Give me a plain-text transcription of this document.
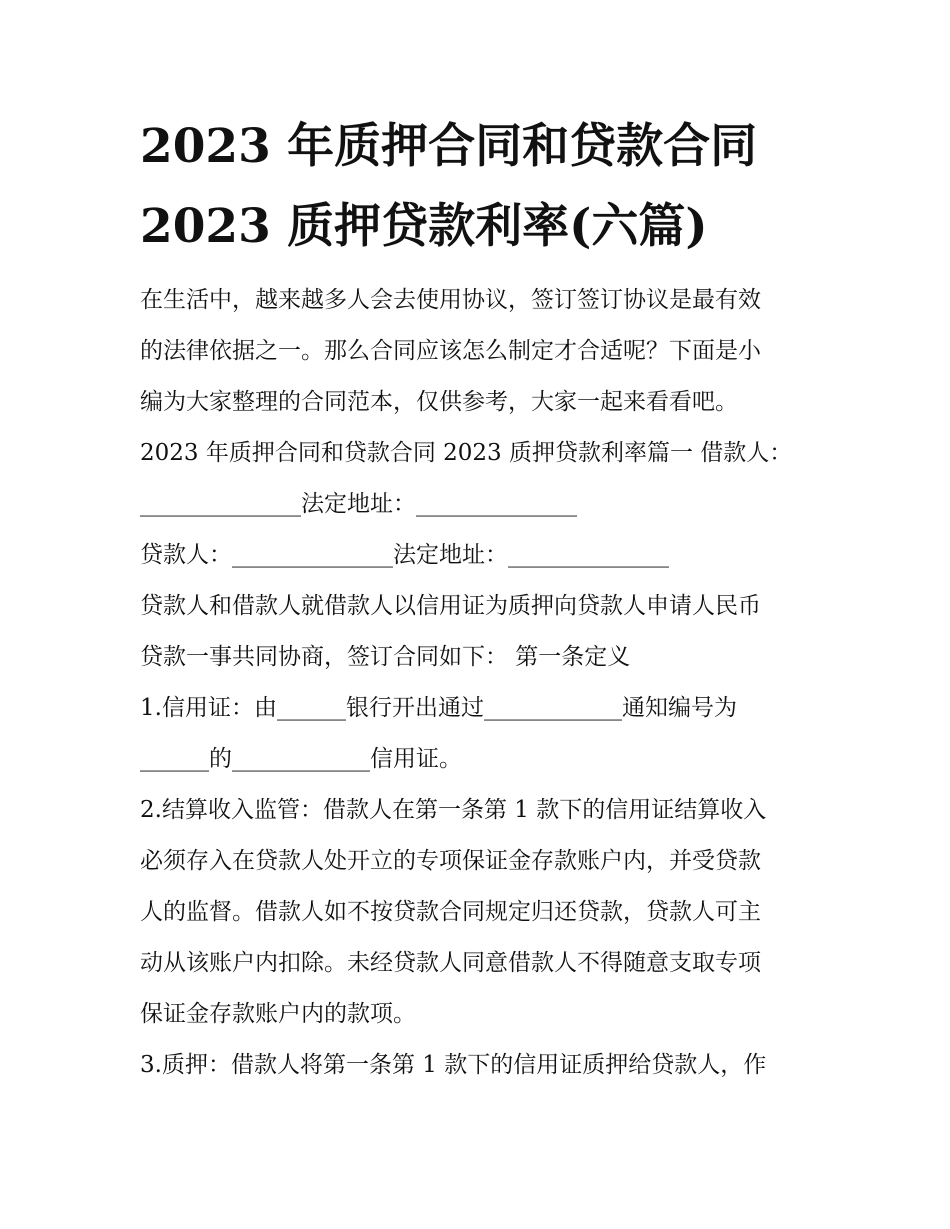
2023 年质押合同和贷款合同
2023 质押贷款利率(六篇)
在生活中，越来越多人会去使用协议，签订签订协议是最有效
的法律依据之一。那么合同应该怎么制定才合适呢？下面是小
编为大家整理的合同范本，仅供参考，大家一起来看看吧。
2023 年质押合同和贷款合同 2023 质押贷款利率篇一 借款人：
______________法定地址：______________
贷款人：______________法定地址：______________
贷款人和借款人就借款人以信用证为质押向贷款人申请人民币
贷款一事共同协商，签订合同如下： 第一条定义
1.信用证：由______银行开出通过____________通知编号为
______的____________信用证。
2.结算收入监管：借款人在第一条第 1 款下的信用证结算收入
必须存入在贷款人处开立的专项保证金存款账户内，并受贷款
人的监督。借款人如不按贷款合同规定归还贷款，贷款人可主
动从该账户内扣除。未经贷款人同意借款人不得随意支取专项
保证金存款账户内的款项。
3.质押：借款人将第一条第 1 款下的信用证质押给贷款人，作
